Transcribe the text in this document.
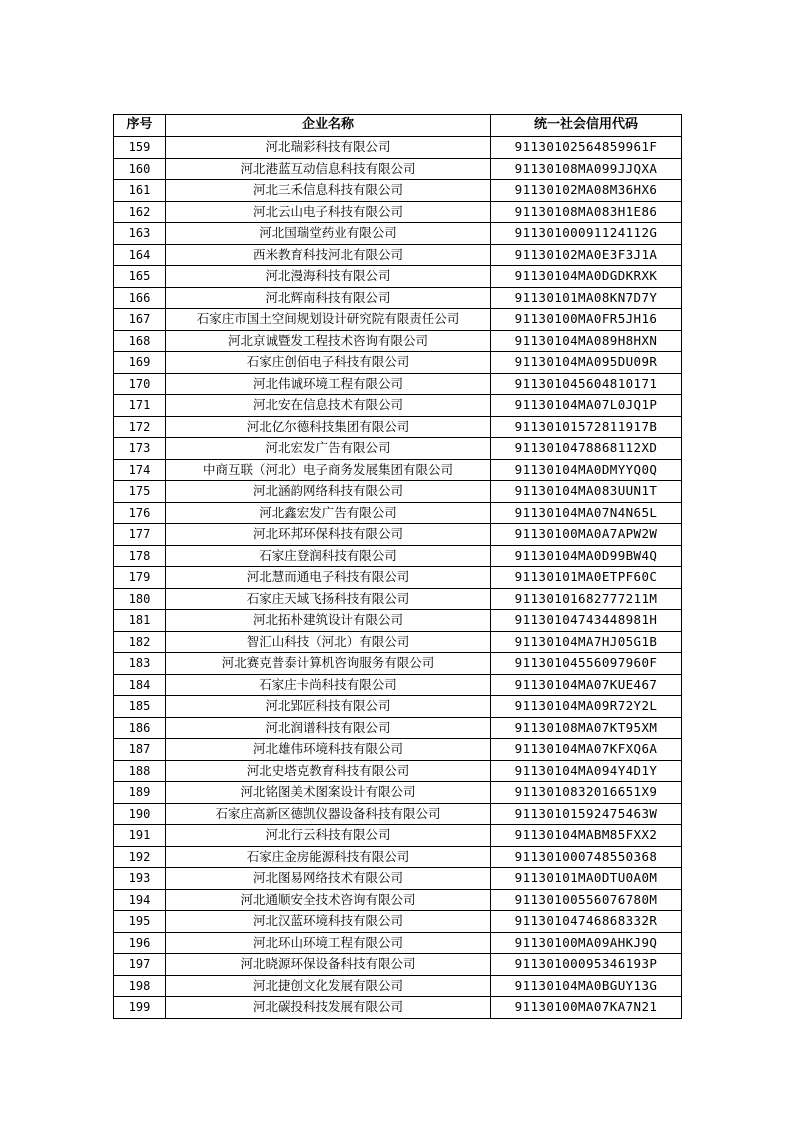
序号	企业名称	统一社会信用代码
159	河北瑞彩科技有限公司	91130102564859961F
160	河北港蓝互动信息科技有限公司	91130108MA099JJQXA
161	河北三禾信息科技有限公司	91130102MA08M36HX6
162	河北云山电子科技有限公司	91130108MA083H1E86
163	河北国瑞堂药业有限公司	91130100091124112G
164	西米教育科技河北有限公司	91130102MA0E3F3J1A
165	河北漫海科技有限公司	91130104MA0DGDKRXK
166	河北辉南科技有限公司	91130101MA08KN7D7Y
167	石家庄市国土空间规划设计研究院有限责任公司	91130100MA0FR5JH16
168	河北京诚暨发工程技术咨询有限公司	91130104MA089H8HXN
169	石家庄创佰电子科技有限公司	91130104MA095DU09R
170	河北伟诚环境工程有限公司	911301045604810171
171	河北安在信息技术有限公司	91130104MA07L0JQ1P
172	河北亿尔德科技集团有限公司	91130101572811917B
173	河北宏发广告有限公司	9113010478868112XD
174	中商互联（河北）电子商务发展集团有限公司	91130104MA0DMYYQ0Q
175	河北涵韵网络科技有限公司	91130104MA083UUN1T
176	河北鑫宏发广告有限公司	91130104MA07N4N65L
177	河北环邦环保科技有限公司	91130100MA0A7APW2W
178	石家庄登润科技有限公司	91130104MA0D99BW4Q
179	河北慧而通电子科技有限公司	91130101MA0ETPF60C
180	石家庄天域飞扬科技有限公司	91130101682777211M
181	河北拓朴建筑设计有限公司	91130104743448981H
182	智汇山科技（河北）有限公司	91130104MA7HJ05G1B
183	河北赛克普泰计算机咨询服务有限公司	91130104556097960F
184	石家庄卡尚科技有限公司	91130104MA07KUE467
185	河北郢匠科技有限公司	91130104MA09R72Y2L
186	河北润谱科技有限公司	91130108MA07KT95XM
187	河北雄伟环境科技有限公司	91130104MA07KFXQ6A
188	河北史塔克教育科技有限公司	91130104MA094Y4D1Y
189	河北铭图美术图案设计有限公司	9113010832016651X9
190	石家庄高新区德凯仪器设备科技有限公司	91130101592475463W
191	河北行云科技有限公司	91130104MABM85FXX2
192	石家庄金房能源科技有限公司	911301000748550368
193	河北图易网络技术有限公司	91130101MA0DTU0A0M
194	河北通顺安全技术咨询有限公司	91130100556076780M
195	河北汉蓝环境科技有限公司	91130104746868332R
196	河北环山环境工程有限公司	91130100MA09AHKJ9Q
197	河北晓源环保设备科技有限公司	91130100095346193P
198	河北捷创文化发展有限公司	91130104MA0BGUY13G
199	河北碳投科技发展有限公司	91130100MA07KA7N21
